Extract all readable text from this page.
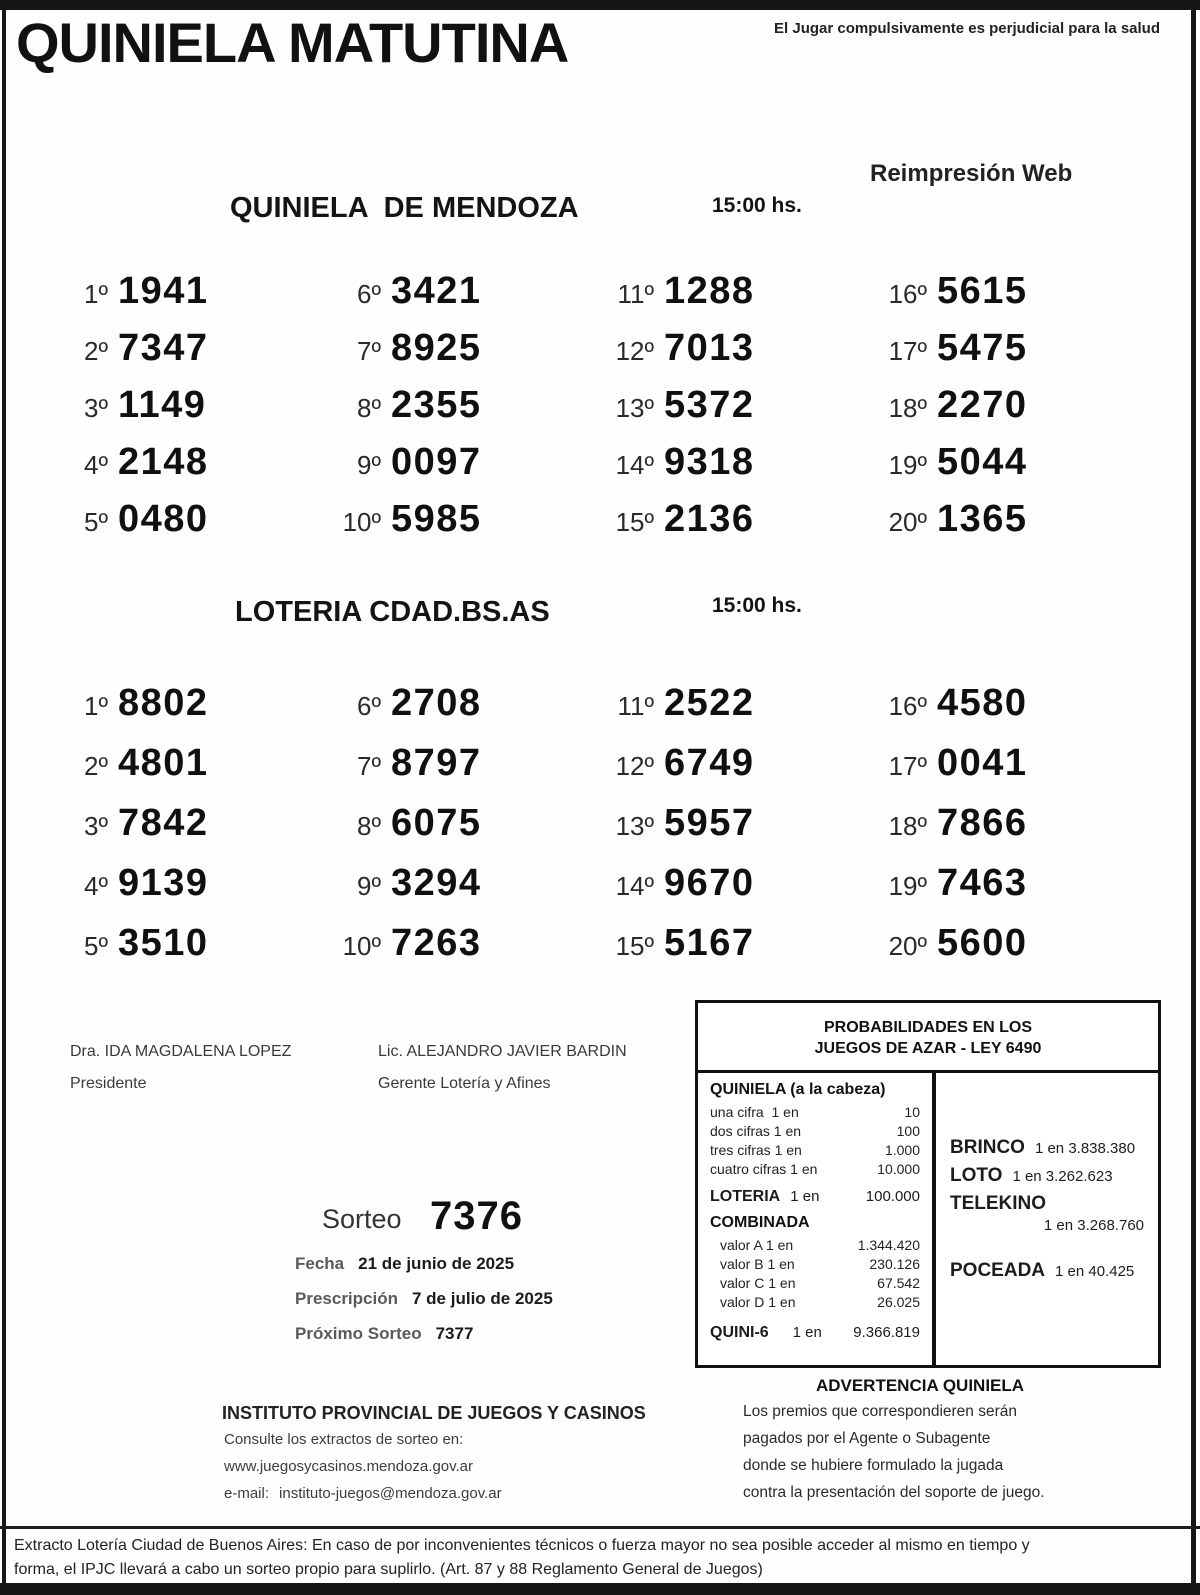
QUINIELA MATUTINA	El Jugar compulsivamente es perjudicial para la salud
Reimpresión Web
QUINIELA  DE MENDOZA	15:00 hs.
1º 1941
2º 7347
3º 1149
4º 2148
5º 0480
6º 3421
7º 8925
8º 2355
9º 0097
10º 5985
11º 1288
12º 7013
13º 5372
14º 9318
15º 2136
16º 5615
17º 5475
18º 2270
19º 5044
20º 1365
LOTERIA CDAD.BS.AS	15:00 hs.
1º 8802
2º 4801
3º 7842
4º 9139
5º 3510
6º 2708
7º 8797
8º 6075
9º 3294
10º 7263
11º 2522
12º 6749
13º 5957
14º 9670
15º 5167
16º 4580
17º 0041
18º 7866
19º 7463
20º 5600
Dra. IDA MAGDALENA LOPEZ
Presidente
Lic. ALEJANDRO JAVIER BARDIN
Gerente Lotería y Afines
Sorteo 7376
Fecha 21 de junio de 2025
Prescripción 7 de julio de 2025
Próximo Sorteo 7377
PROBABILIDADES EN LOS
JUEGOS DE AZAR - LEY 6490
QUINIELA (a la cabeza)
una cifra  1 en	10
dos cifras 1 en	100
tres cifras 1 en	1.000
cuatro cifras 1 en	10.000
LOTERIA 1 en	100.000
COMBINADA
valor A 1 en	1.344.420
valor B 1 en	230.126
valor C 1 en	67.542
valor D 1 en	26.025
QUINI-6 1 en	9.366.819
BRINCO 1 en 3.838.380
LOTO 1 en 3.262.623
TELEKINO
1 en 3.268.760
POCEADA 1 en 40.425
ADVERTENCIA QUINIELA
Los premios que correspondieren serán
pagados por el Agente o Subagente
donde se hubiere formulado la jugada
contra la presentación del soporte de juego.
INSTITUTO PROVINCIAL DE JUEGOS Y CASINOS
Consulte los extractos de sorteo en:
www.juegosycasinos.mendoza.gov.ar
e-mail: instituto-juegos@mendoza.gov.ar
Extracto Lotería Ciudad de Buenos Aires: En caso de por inconvenientes técnicos o fuerza mayor no sea posible acceder al mismo en tiempo y
forma, el IPJC llevará a cabo un sorteo propio para suplirlo. (Art. 87 y 88 Reglamento General de Juegos)
